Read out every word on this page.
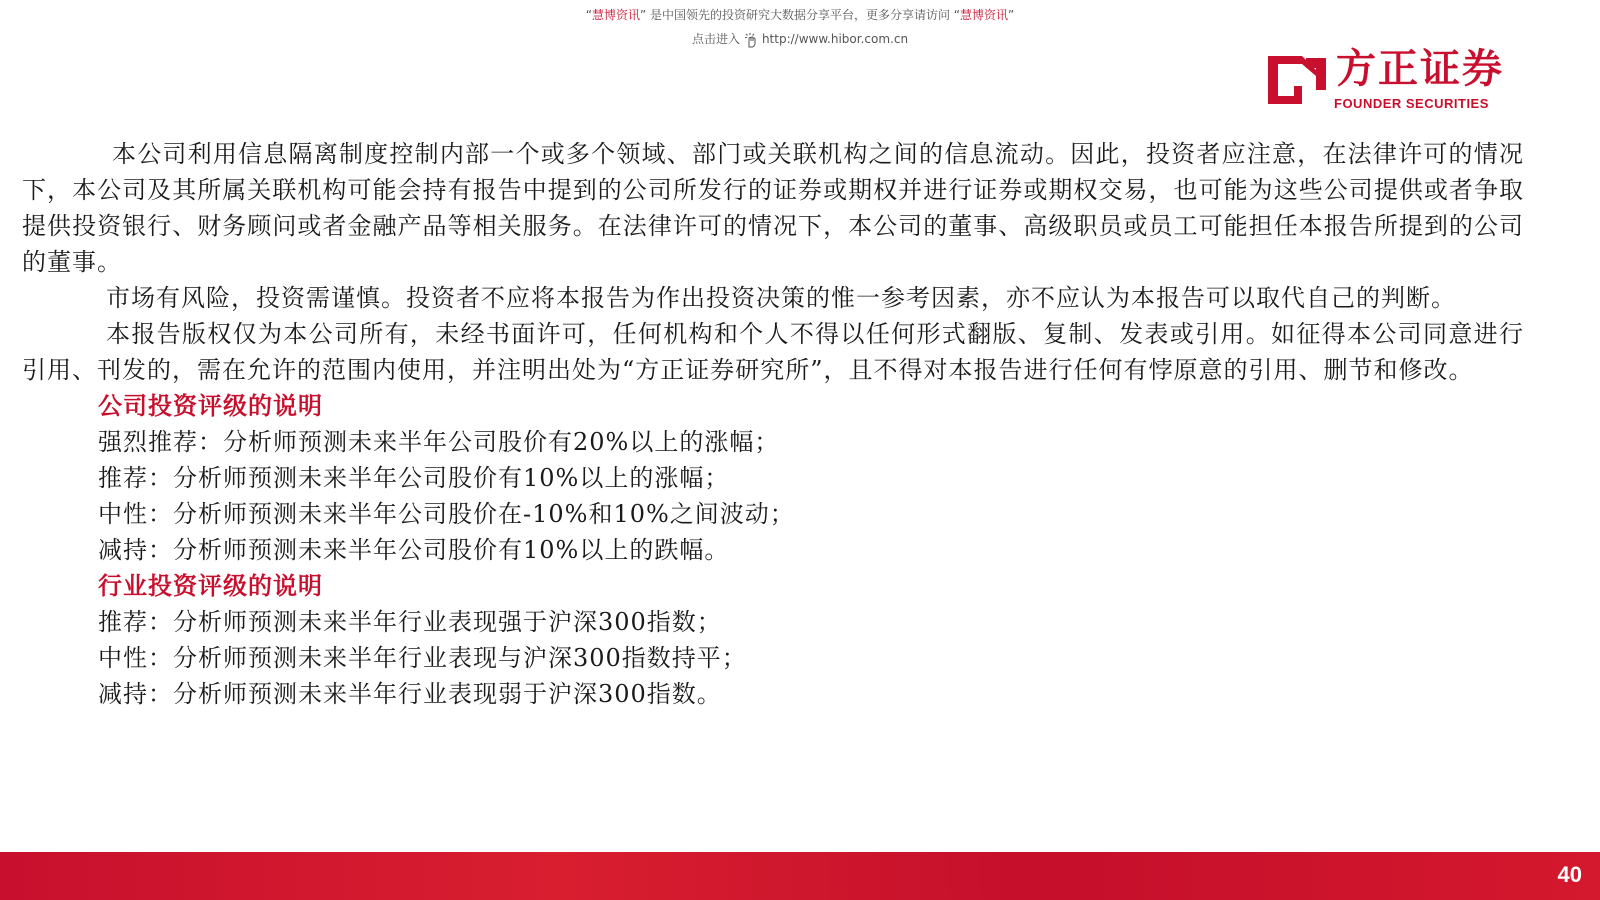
“慧博资讯” 是中国领先的投资研究大数据分享平台，更多分享请访问 “慧博资讯”
点击进入 http://www.hibor.com.cn
方正证券
FOUNDER SECURITIES

本公司利用信息隔离制度控制内部一个或多个领域、部门或关联机构之间的信息流动。因此，投资者应注意，在法律许可的情况下，本公司及其所属关联机构可能会持有报告中提到的公司所发行的证券或期权并进行证券或期权交易，也可能为这些公司提供或者争取提供投资银行、财务顾问或者金融产品等相关服务。在法律许可的情况下，本公司的董事、高级职员或员工可能担任本报告所提到的公司的董事。

市场有风险，投资需谨慎。投资者不应将本报告为作出投资决策的惟一参考因素，亦不应认为本报告可以取代自己的判断。

本报告版权仅为本公司所有，未经书面许可，任何机构和个人不得以任何形式翻版、复制、发表或引用。如征得本公司同意进行引用、刊发的，需在允许的范围内使用，并注明出处为“方正证券研究所”，且不得对本报告进行任何有悖原意的引用、删节和修改。

公司投资评级的说明

强烈推荐：分析师预测未来半年公司股价有20%以上的涨幅；

推荐：分析师预测未来半年公司股价有10%以上的涨幅；

中性：分析师预测未来半年公司股价在-10%和10%之间波动；

减持：分析师预测未来半年公司股价有10%以上的跌幅。

行业投资评级的说明

推荐：分析师预测未来半年行业表现强于沪深300指数；

中性：分析师预测未来半年行业表现与沪深300指数持平；

减持：分析师预测未来半年行业表现弱于沪深300指数。

40
